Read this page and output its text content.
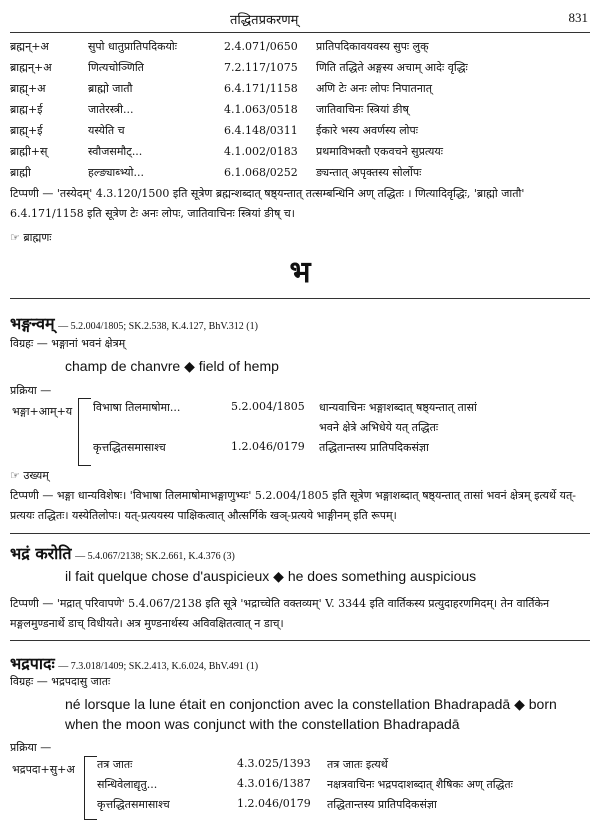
तद्धितप्रकरणम्	831
ब्रह्मन्+अ	सुपो धातुप्रातिपदिकयोः	2.4.071/0650	प्रातिपदिकावयवस्य सुपः लुक्
ब्राह्मन्+अ	णित्यचोञ्णिति	7.2.117/1075	णिति तद्धिते अङ्गस्य अचाम् आदेः वृद्धिः
ब्राह्म्+अ	ब्राह्मो जातौ	6.4.171/1158	अणि टेः अनः लोपः निपातनात्
ब्राह्म+ई	जातेरस्त्री...	4.1.063/0518	जातिवाचिनः स्त्रियां ङीष्
ब्राह्म्+ई	यस्येति च	6.4.148/0311	ईकारे भस्य अवर्णस्य लोपः
ब्राह्मी+स्	स्वौजसमौट्...	4.1.002/0183	प्रथमाविभक्तौ एकवचने सुप्रत्ययः
ब्राह्मी	हल्ङ्याब्भ्यो...	6.1.068/0252	ङ्यन्तात् अपृक्तस्य सोर्लोपः
टिप्पणी — 'तस्येदम्' 4.3.120/1500 इति सूत्रेण ब्रह्मन्शब्दात् षष्ठ्यन्तात् तत्सम्बन्धिनि अण् तद्धितः । णित्यादिवृद्धिः, 'ब्राह्मो जातौ' 6.4.171/1158 इति सूत्रेण टेः अनः लोपः, जातिवाचिनः स्त्रियां ङीष् च।
☞ ब्राह्मणः
भ
भङ्गन्वम् — 5.2.004/1805; SK.2.538, K.4.127, BhV.312 (1)
विग्रहः — भङ्गानां भवनं क्षेत्रम्
champ de chanvre ◆ field of hemp
प्रक्रिया —
भङ्गा+आम्+य विभाषा तिलमाषोमा...	5.2.004/1805	धान्यवाचिनः भङ्गाशब्दात् षष्ठ्यन्तात् तासां
		भवने क्षेत्रे अभिधेये यत् तद्धितः
कृत्तद्धितसमासाश्च	1.2.046/0179	तद्धितान्तस्य प्रातिपदिकसंज्ञा
☞ उख्यम्
टिप्पणी — भङ्गा धान्यविशेषः। 'विभाषा तिलमाषोमाभङ्गाणुभ्यः' 5.2.004/1805 इति सूत्रेण भङ्गाशब्दात् षष्ठ्यन्तात् तासां भवनं क्षेत्रम् इत्यर्थे यत्-प्रत्ययः तद्धितः। यस्येतिलोपः। यत्-प्रत्ययस्य पाक्षिकत्वात् औत्सर्गिके खञ्-प्रत्यये भाङ्गीनम् इति रूपम्।
भद्रं करोति — 5.4.067/2138; SK.2.661, K.4.376 (3)
il fait quelque chose d'auspicieux ◆ he does something auspicious
टिप्पणी — 'मद्रात् परिवापणे' 5.4.067/2138 इति सूत्रे 'भद्राच्चेति वक्तव्यम्' V. 3344 इति वार्तिकस्य प्रत्युदाहरणमिदम्। तेन वार्तिकेन मङ्गलमुण्डनार्थे डाच् विधीयते। अत्र मुण्डनार्थस्य अविवक्षितत्वात् न डाच्।
भद्रपादः — 7.3.018/1409; SK.2.413, K.6.024, BhV.491 (1)
विग्रहः — भद्रपदासु जातः
né lorsque la lune était en conjonction avec la constellation Bhadrapadā ◆ born when the moon was conjunct with the constellation Bhadrapadā
प्रक्रिया —
भद्रपदा+सु+अ तत्र जातः	4.3.025/1393	तत्र जातः इत्यर्थे
सन्धिवेलाद्यृतु...	4.3.016/1387	नक्षत्रवाचिनः भद्रपदाशब्दात् शैषिकः अण् तद्धितः
कृत्तद्धितसमासाश्च	1.2.046/0179	तद्धितान्तस्य प्रातिपदिकसंज्ञा
